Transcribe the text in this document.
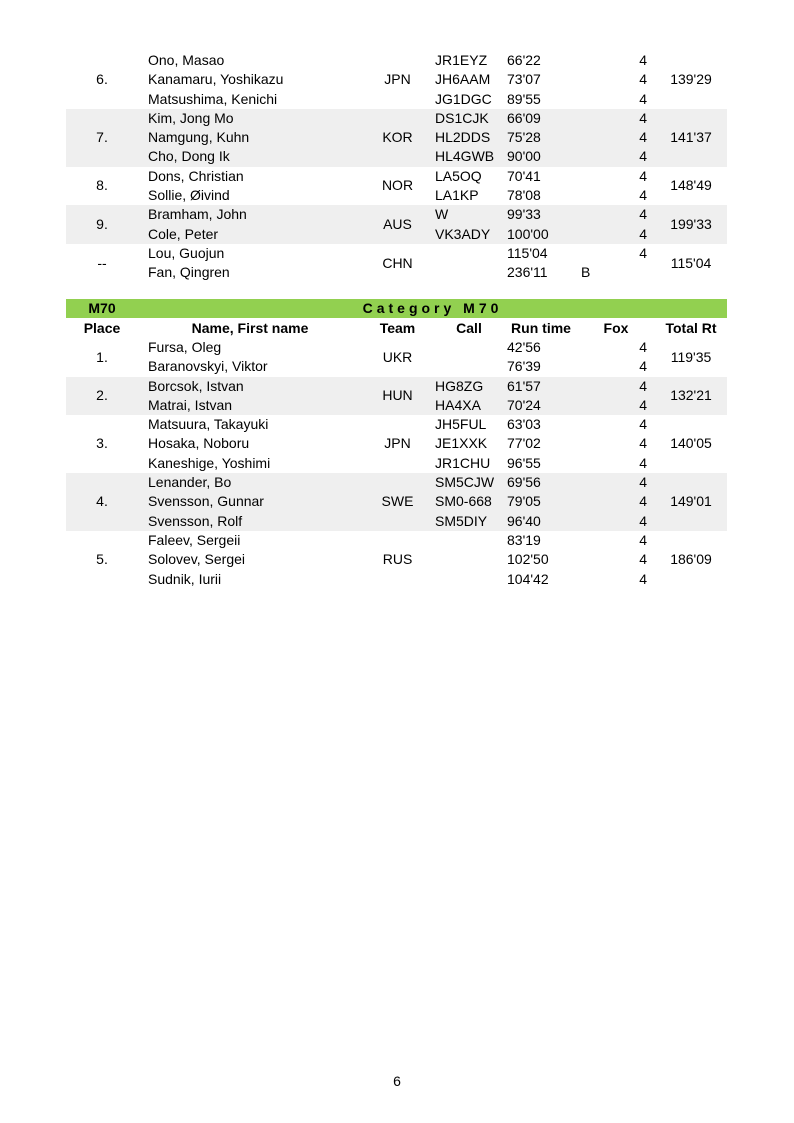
6.	Ono, Masao	JPN	JR1EYZ	66'22		4	139'29
	Kanamaru, Yoshikazu		JH6AAM	73'07		4	
	Matsushima, Kenichi		JG1DGC	89'55		4	
7.	Kim, Jong Mo	KOR	DS1CJK	66'09		4	141'37
	Namgung, Kuhn		HL2DDS	75'28		4	
	Cho, Dong Ik		HL4GWB	90'00		4	
8.	Dons, Christian	NOR	LA5OQ	70'41		4	148'49
	Sollie, Øivind		LA1KP	78'08		4	
9.	Bramham, John	AUS	W	99'33		4	199'33
	Cole, Peter		VK3ADY	100'00		4	
--	Lou, Guojun	CHN		115'04		4	115'04
	Fan, Qingren			236'11	B		
M70	Category M70						
Place	Name, First name	Team	Call	Run time	Fox		Total Rt
1.	Fursa, Oleg	UKR		42'56		4	119'35
	Baranovskyi, Viktor			76'39		4	
2.	Borcsok, Istvan	HUN	HG8ZG	61'57		4	132'21
	Matrai, Istvan		HA4XA	70'24		4	
3.	Matsuura, Takayuki	JPN	JH5FUL	63'03		4	140'05
	Hosaka, Noboru		JE1XXK	77'02		4	
	Kaneshige, Yoshimi		JR1CHU	96'55		4	
4.	Lenander, Bo	SWE	SM5CJW	69'56		4	149'01
	Svensson, Gunnar		SM0-668	79'05		4	
	Svensson, Rolf		SM5DIY	96'40		4	
5.	Faleev, Sergeii	RUS		83'19		4	186'09
	Solovev, Sergei			102'50		4	
	Sudnik, Iurii			104'42		4	
6
